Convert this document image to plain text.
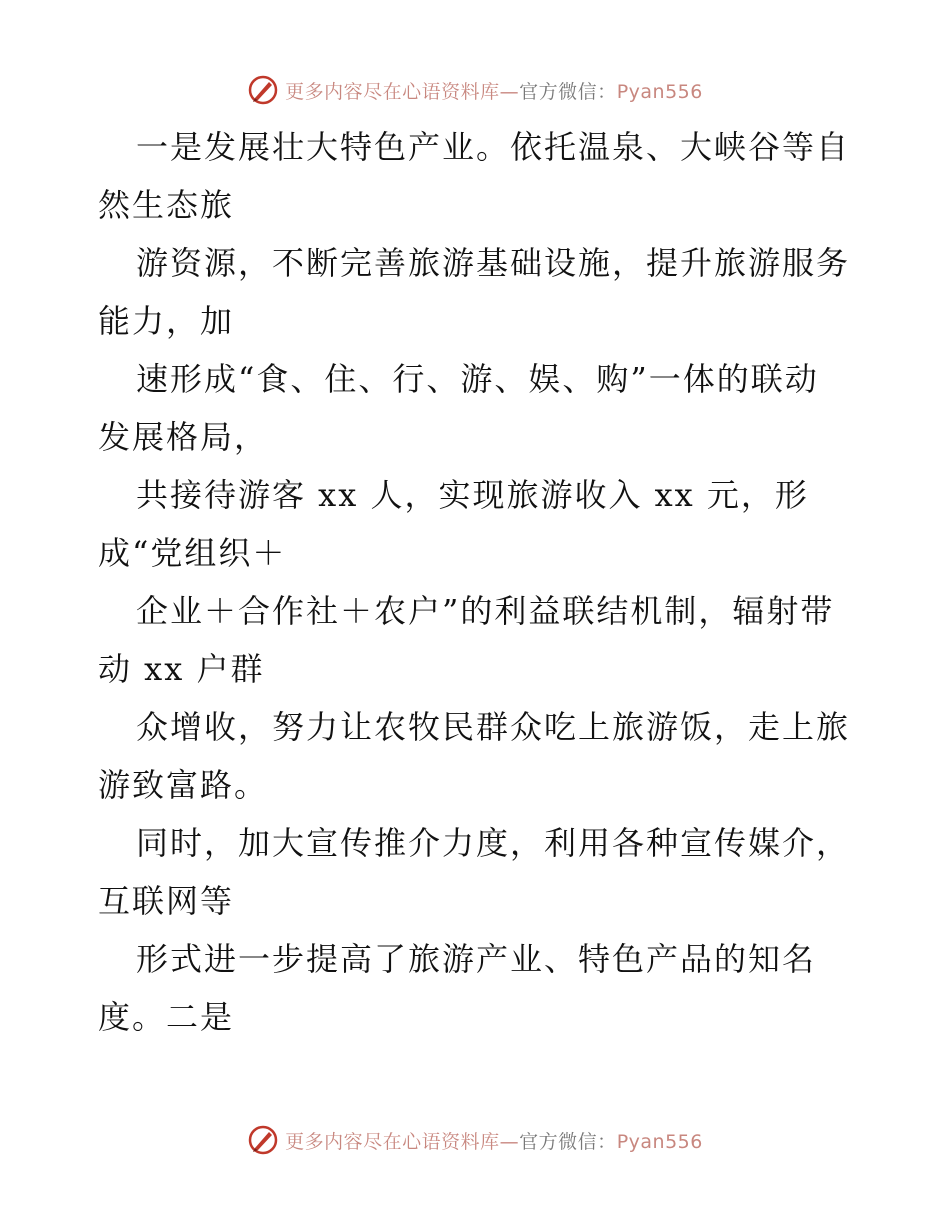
更多内容尽在心语资料库—官方微信：Pyan556
一是发展壮大特色产业。依托温泉、大峡谷等自
然生态旅
游资源，不断完善旅游基础设施，提升旅游服务
能力，加
速形成“食、住、行、游、娱、购”一体的联动
发展格局，
共接待游客 xx 人，实现旅游收入 xx 元，形
成“党组织＋
企业＋合作社＋农户”的利益联结机制，辐射带
动 xx 户群
众增收，努力让农牧民群众吃上旅游饭，走上旅
游致富路。
同时，加大宣传推介力度，利用各种宣传媒介，
互联网等
形式进一步提高了旅游产业、特色产品的知名
度。二是
更多内容尽在心语资料库—官方微信：Pyan556
